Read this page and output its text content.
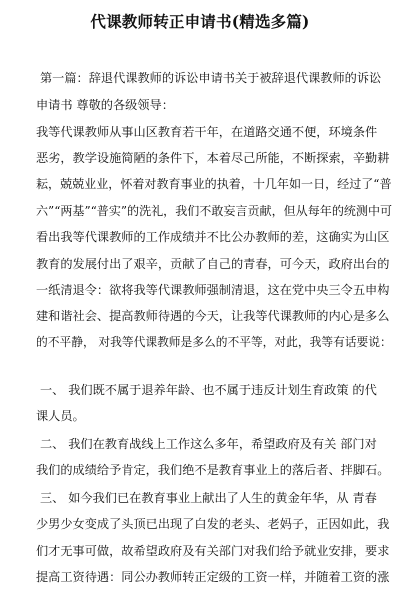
代课教师转正申请书(精选多篇)
第一篇：辞退代课教师的诉讼申请书关于被辞退代课教师的诉讼
申请书 尊敬的各级领导：
我等代课教师从事山区教育若干年，在道路交通不便，环境条件
恶劣，教学设施简陋的条件下，本着尽己所能，不断探索，辛勤耕
耘，兢兢业业，怀着对教育事业的执着，十几年如一日，经过了“普
六”“两基”“普实”的洗礼，我们不敢妄言贡献，但从每年的统测中可
看出我等代课教师的工作成绩并不比公办教师的差，这确实为山区
教育的发展付出了艰辛，贡献了自己的青春，可今天，政府出台的
一纸清退令：欲将我等代课教师强制清退，这在党中央三令五申构
建和谐社会、提高教师待遇的今天，让我等代课教师的内心是多么
的不平静， 对我等代课教师是多么的不平等，对此，我等有话要说：
一、 我们既不属于退养年龄、也不属于违反计划生育政策 的代
课人员。
二、 我们在教育战线上工作这么多年，希望政府及有关 部门对
我们的成绩给予肯定，我们绝不是教育事业上的落后者、拌脚石。
三、 如今我们已在教育事业上献出了人生的黄金年华，从 青春
少男少女变成了头顶已出现了白发的老头、老妈子，正因如此，我
们才无事可做，故希望政府及有关部门对我们给予就业安排，要求
提高工资待遇：同公办教师转正定级的工资一样，并随着工资的涨
